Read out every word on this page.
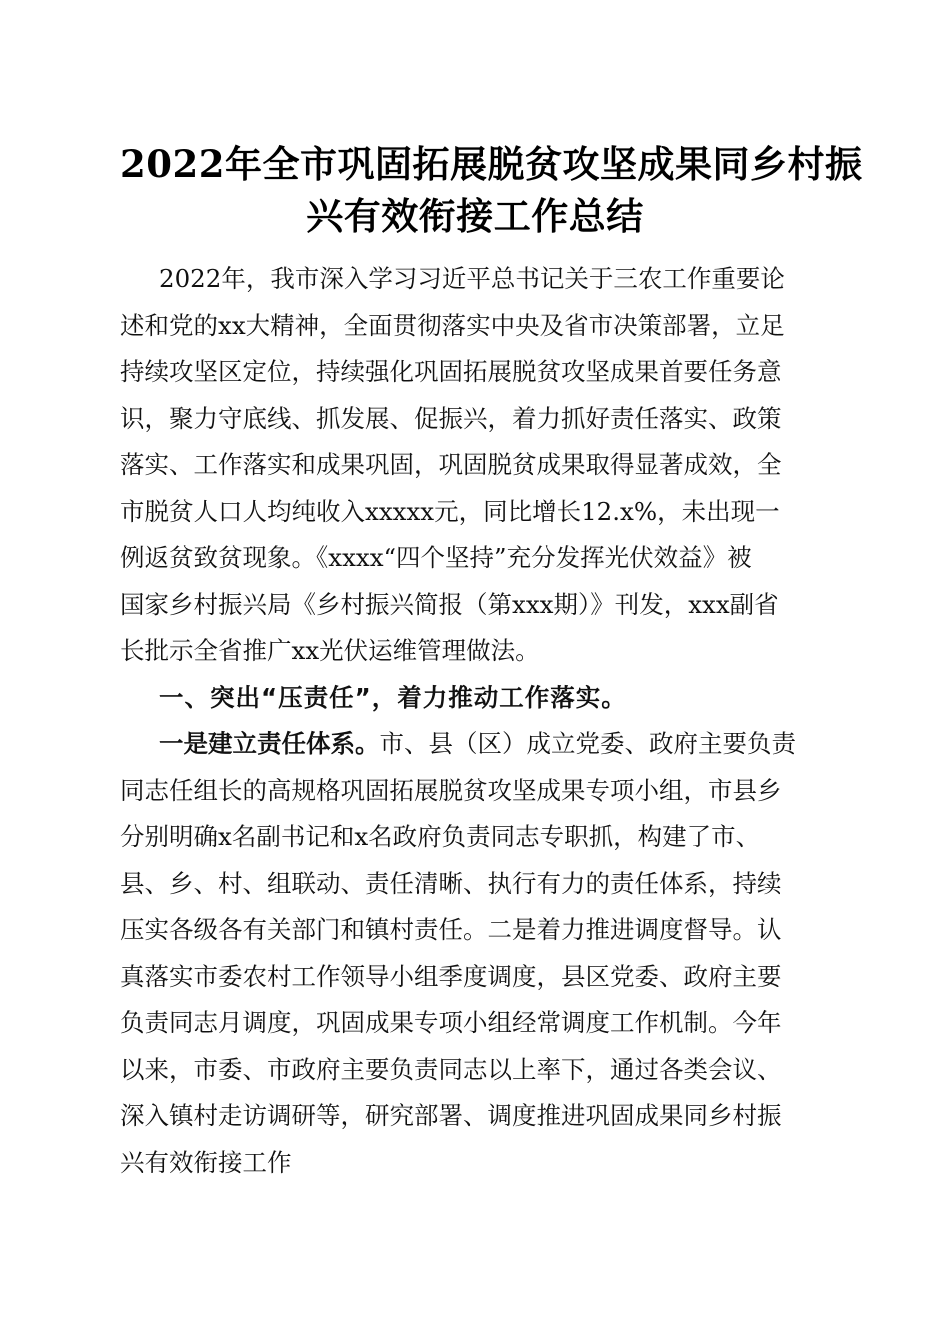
2022年全市巩固拓展脱贫攻坚成果同乡村振
兴有效衔接工作总结

2022年，我市深入学习习近平总书记关于三农工作重要论
述和党的xx大精神，全面贯彻落实中央及省市决策部署，立足
持续攻坚区定位，持续强化巩固拓展脱贫攻坚成果首要任务意
识，聚力守底线、抓发展、促振兴，着力抓好责任落实、政策
落实、工作落实和成果巩固，巩固脱贫成果取得显著成效，全
市脱贫人口人均纯收入xxxxx元，同比增长12.x%，未出现一
例返贫致贫现象。《xxxx“四个坚持”充分发挥光伏效益》被
国家乡村振兴局《乡村振兴简报（第xxx期）》刊发，xxx副省
长批示全省推广xx光伏运维管理做法。

一、突出“压责任”，着力推动工作落实。

一是建立责任体系。市、县（区）成立党委、政府主要负责
同志任组长的高规格巩固拓展脱贫攻坚成果专项小组，市县乡
分别明确x名副书记和x名政府负责同志专职抓，构建了市、
县、乡、村、组联动、责任清晰、执行有力的责任体系，持续
压实各级各有关部门和镇村责任。二是着力推进调度督导。认
真落实市委农村工作领导小组季度调度，县区党委、政府主要
负责同志月调度，巩固成果专项小组经常调度工作机制。今年
以来，市委、市政府主要负责同志以上率下，通过各类会议、
深入镇村走访调研等，研究部署、调度推进巩固成果同乡村振
兴有效衔接工作
